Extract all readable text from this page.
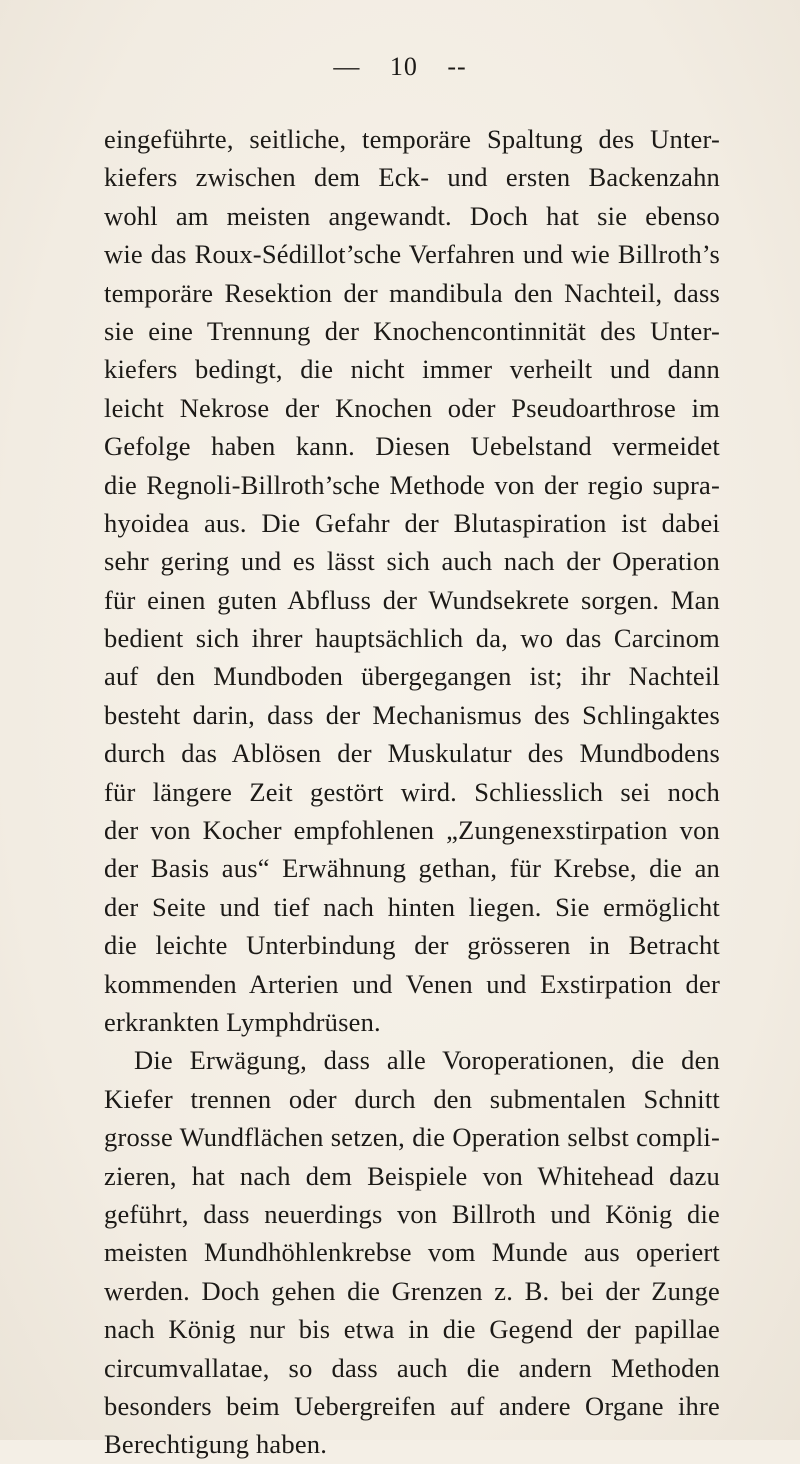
— 10 --
eingeführte, seitliche, temporäre Spaltung des Unter-
kiefers zwischen dem Eck- und ersten Backenzahn
wohl am meisten angewandt. Doch hat sie ebenso
wie das Roux-Sédillot’sche Verfahren und wie Billroth’s
temporäre Resektion der mandibula den Nachteil, dass
sie eine Trennung der Knochencontinnität des Unter-
kiefers bedingt, die nicht immer verheilt und dann
leicht Nekrose der Knochen oder Pseudoarthrose im
Gefolge haben kann. Diesen Uebelstand vermeidet
die Regnoli-Billroth’sche Methode von der regio supra-
hyoidea aus. Die Gefahr der Blutaspiration ist dabei
sehr gering und es lässt sich auch nach der Operation
für einen guten Abfluss der Wundsekrete sorgen. Man
bedient sich ihrer hauptsächlich da, wo das Carcinom
auf den Mundboden übergegangen ist; ihr Nachteil
besteht darin, dass der Mechanismus des Schlingaktes
durch das Ablösen der Muskulatur des Mundbodens
für längere Zeit gestört wird. Schliesslich sei noch
der von Kocher empfohlenen „Zungenexstirpation von
der Basis aus“ Erwähnung gethan, für Krebse, die an
der Seite und tief nach hinten liegen. Sie ermöglicht
die leichte Unterbindung der grösseren in Betracht
kommenden Arterien und Venen und Exstirpation der
erkrankten Lymphdrüsen.
Die Erwägung, dass alle Voroperationen, die den
Kiefer trennen oder durch den submentalen Schnitt
grosse Wundflächen setzen, die Operation selbst compli-
zieren, hat nach dem Beispiele von Whitehead dazu
geführt, dass neuerdings von Billroth und König die
meisten Mundhöhlenkrebse vom Munde aus operiert
werden. Doch gehen die Grenzen z. B. bei der Zunge
nach König nur bis etwa in die Gegend der papillae
circumvallatae, so dass auch die andern Methoden
besonders beim Uebergreifen auf andere Organe ihre
Berechtigung haben.
